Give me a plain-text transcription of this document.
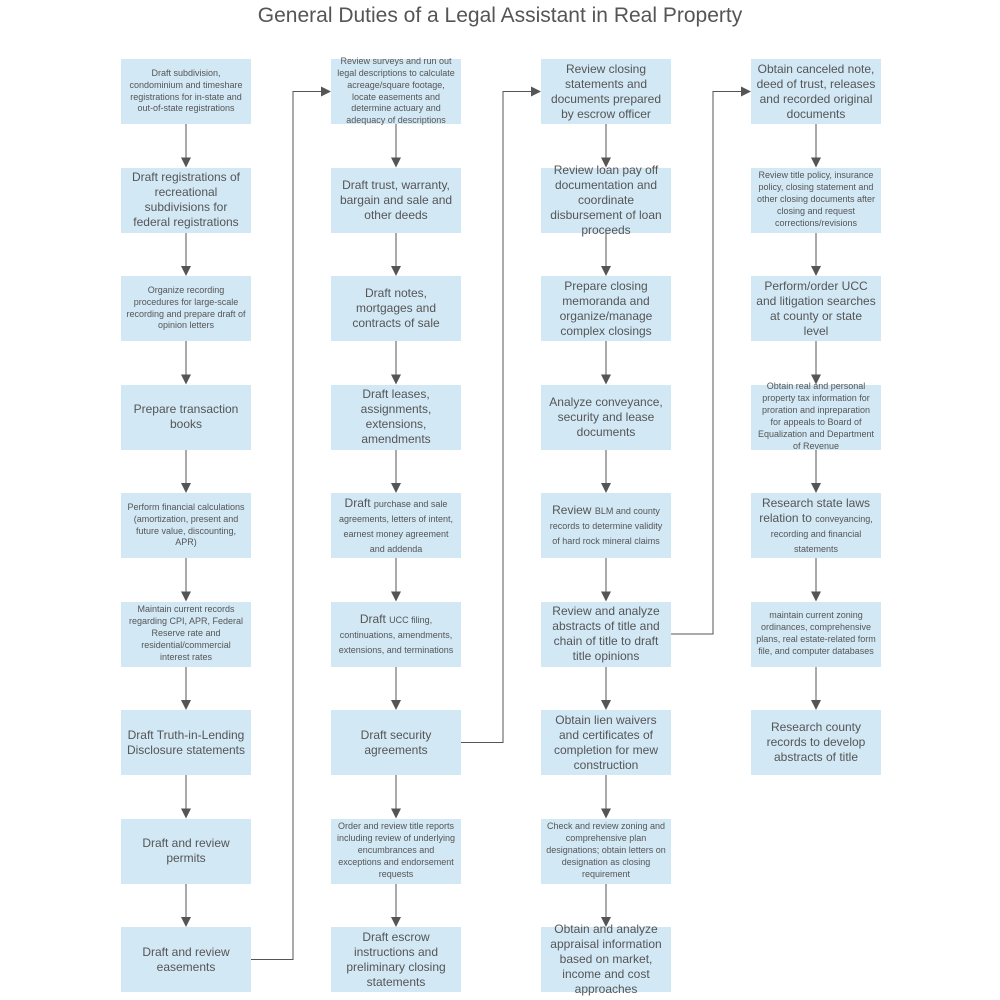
General Duties of a Legal Assistant in Real Property
Draft subdivision, condominium and timeshare registrations for in-state and out-of-state registrations
Draft registrations of recreational subdivisions for federal registrations
Organize recording procedures for large-scale recording and prepare draft of opinion letters
Prepare transaction books
Perform financial calculations (amortization, present and future value, discounting, APR)
Maintain current records regarding CPI, APR, Federal Reserve rate and residential/commercial interest rates
Draft Truth-in-Lending Disclosure statements
Draft and review permits
Draft and review easements
Review surveys and run out legal descriptions to calculate acreage/square footage, locate easements and determine actuary and adequacy of descriptions
Draft trust, warranty, bargain and sale and other deeds
Draft notes, mortgages and contracts of sale
Draft leases, assignments, extensions, amendments
Draft purchase and sale agreements, letters of intent, earnest money agreement and addenda
Draft UCC filing, continuations, amendments, extensions, and terminations
Draft security agreements
Order and review title reports including review of underlying encumbrances and exceptions and endorsement requests
Draft escrow instructions and preliminary closing statements
Review closing statements and documents prepared by escrow officer
Review loan pay off documentation and coordinate disbursement of loan proceeds
Prepare closing memoranda and organize/manage complex closings
Analyze conveyance, security and lease documents
Review BLM and county records to determine validity of hard rock mineral claims
Review and analyze abstracts of title and chain of title to draft title opinions
Obtain lien waivers and certificates of completion for mew construction
Check and review zoning and comprehensive plan designations; obtain letters on designation as closing requirement
Obtain and analyze appraisal information based on market, income and cost approaches
Obtain canceled note, deed of trust, releases and recorded original documents
Review title policy, insurance policy, closing statement and other closing documents after closing and request corrections/revisions
Perform/order UCC and litigation searches at county or state level
Obtain real and personal property tax information for proration and inpreparation for appeals to Board of Equalization and Department of Revenue
Research state laws relation to conveyancing, recording and financial statements
maintain current zoning ordinances, comprehensive plans, real estate-related form file, and computer databases
Research county records to develop abstracts of title
